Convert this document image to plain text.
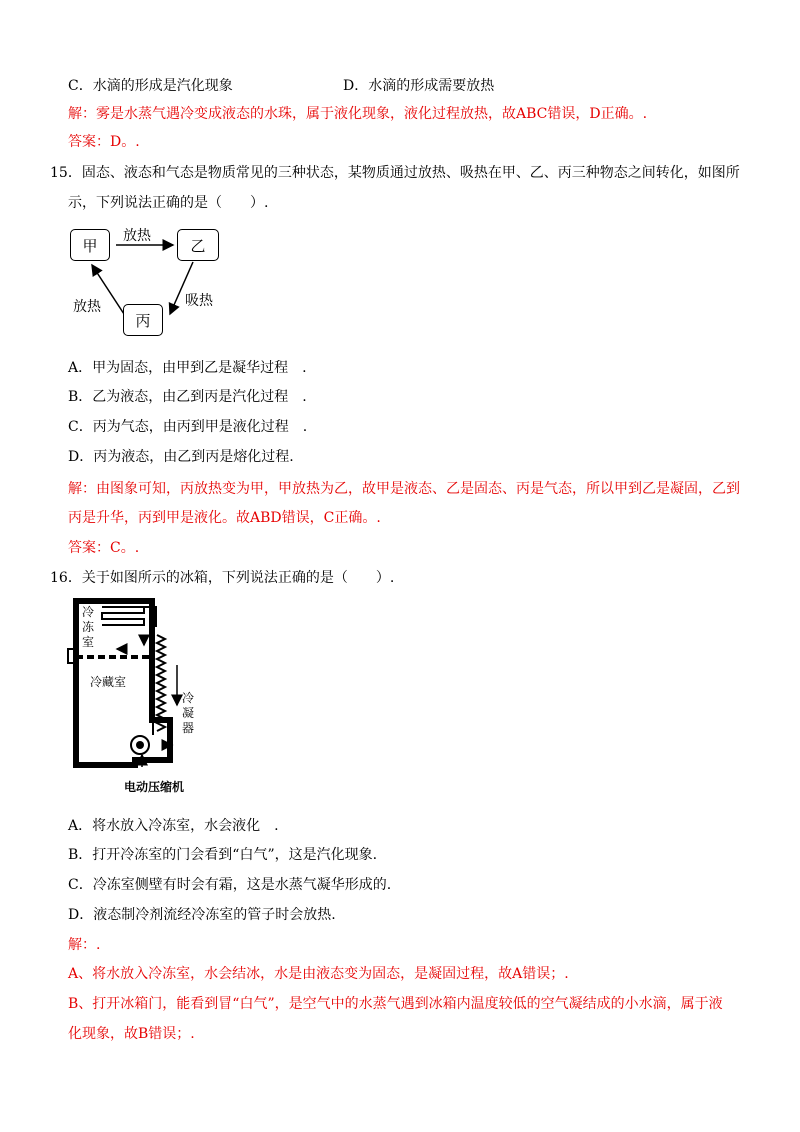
C．水滴的形成是汽化现象	D．水滴的形成需要放热
解：雾是水蒸气遇冷变成液态的水珠，属于液化现象，液化过程放热，故ABC错误，D正确。.
答案：D。.
15．固态、液态和气态是物质常见的三种状态，某物质通过放热、吸热在甲、乙、丙三种物态之间转化，如图所
示，下列说法正确的是（　　）.
甲	乙
丙
放热
吸热
放热
A．甲为固态，由甲到乙是凝华过程　.
B．乙为液态，由乙到丙是汽化过程　.
C．丙为气态，由丙到甲是液化过程　.
D．丙为液态，由乙到丙是熔化过程.
解：由图象可知，丙放热变为甲，甲放热为乙，故甲是液态、乙是固态、丙是气态，所以甲到乙是凝固，乙到
丙是升华，丙到甲是液化。故ABD错误，C正确。.
答案：C。.
16．关于如图所示的冰箱，下列说法正确的是（　　）.
冷冻室
冷藏室
冷凝器
电动压缩机
A．将水放入冷冻室，水会液化　.
B．打开冷冻室的门会看到“白气”，这是汽化现象.
C．冷冻室侧壁有时会有霜，这是水蒸气凝华形成的.
D．液态制冷剂流经冷冻室的管子时会放热.
解：.
A、将水放入冷冻室，水会结冰，水是由液态变为固态，是凝固过程，故A错误；.
B、打开冰箱门，能看到冒“白气”，是空气中的水蒸气遇到冰箱内温度较低的空气凝结成的小水滴，属于液
化现象，故B错误；.
